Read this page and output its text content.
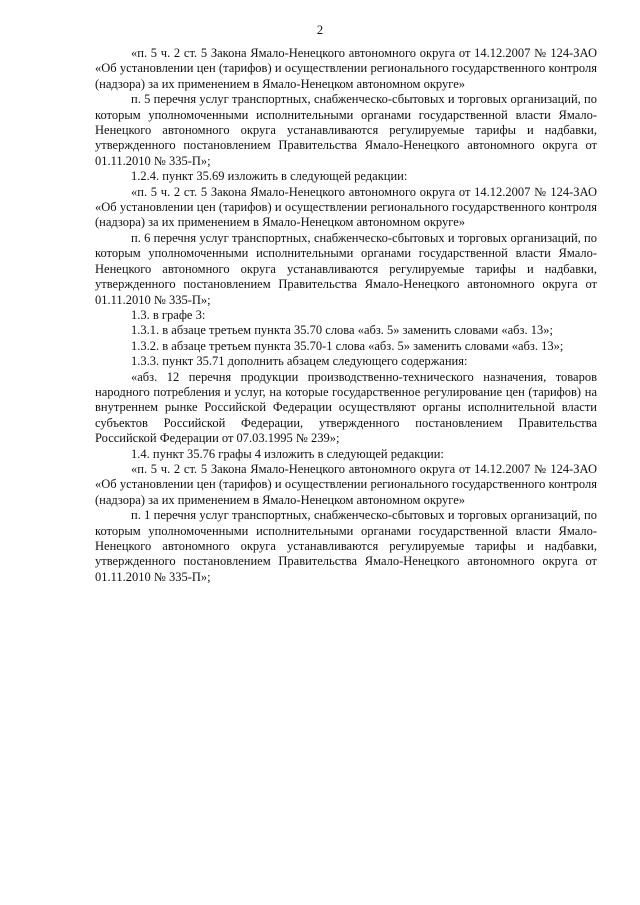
2

«п. 5 ч. 2 ст. 5 Закона Ямало-Ненецкого автономного округа от 14.12.2007 № 124-ЗАО «Об установлении цен (тарифов) и осуществлении регионального государственного контроля (надзора) за их применением в Ямало-Ненецком автономном округе»

п. 5 перечня услуг транспортных, снабженческо-сбытовых и торговых организаций, по которым уполномоченными исполнительными органами государственной власти Ямало-Ненецкого автономного округа устанавливаются регулируемые тарифы и надбавки, утвержденного постановлением Правительства Ямало-Ненецкого автономного округа от 01.11.2010 № 335-П»;

1.2.4. пункт 35.69 изложить в следующей редакции:

«п. 5 ч. 2 ст. 5 Закона Ямало-Ненецкого автономного округа от 14.12.2007 № 124-ЗАО «Об установлении цен (тарифов) и осуществлении регионального государственного контроля (надзора) за их применением в Ямало-Ненецком автономном округе»

п. 6 перечня услуг транспортных, снабженческо-сбытовых и торговых организаций, по которым уполномоченными исполнительными органами государственной власти Ямало-Ненецкого автономного округа устанавливаются регулируемые тарифы и надбавки, утвержденного постановлением Правительства Ямало-Ненецкого автономного округа от 01.11.2010 № 335-П»;

1.3. в графе 3:

1.3.1. в абзаце третьем пункта 35.70 слова «абз. 5» заменить словами «абз. 13»;

1.3.2. в абзаце третьем пункта 35.70-1 слова «абз. 5» заменить словами «абз. 13»;

1.3.3. пункт 35.71 дополнить абзацем следующего содержания:

«абз. 12 перечня продукции производственно-технического назначения, товаров народного потребления и услуг, на которые государственное регулирование цен (тарифов) на внутреннем рынке Российской Федерации осуществляют органы исполнительной власти субъектов Российской Федерации, утвержденного постановлением Правительства Российской Федерации от 07.03.1995 № 239»;

1.4. пункт 35.76 графы 4 изложить в следующей редакции:

«п. 5 ч. 2 ст. 5 Закона Ямало-Ненецкого автономного округа от 14.12.2007 № 124-ЗАО «Об установлении цен (тарифов) и осуществлении регионального государственного контроля (надзора) за их применением в Ямало-Ненецком автономном округе»

п. 1 перечня услуг транспортных, снабженческо-сбытовых и торговых организаций, по которым уполномоченными исполнительными органами государственной власти Ямало-Ненецкого автономного округа устанавливаются регулируемые тарифы и надбавки, утвержденного постановлением Правительства Ямало-Ненецкого автономного округа от 01.11.2010 № 335-П»;
